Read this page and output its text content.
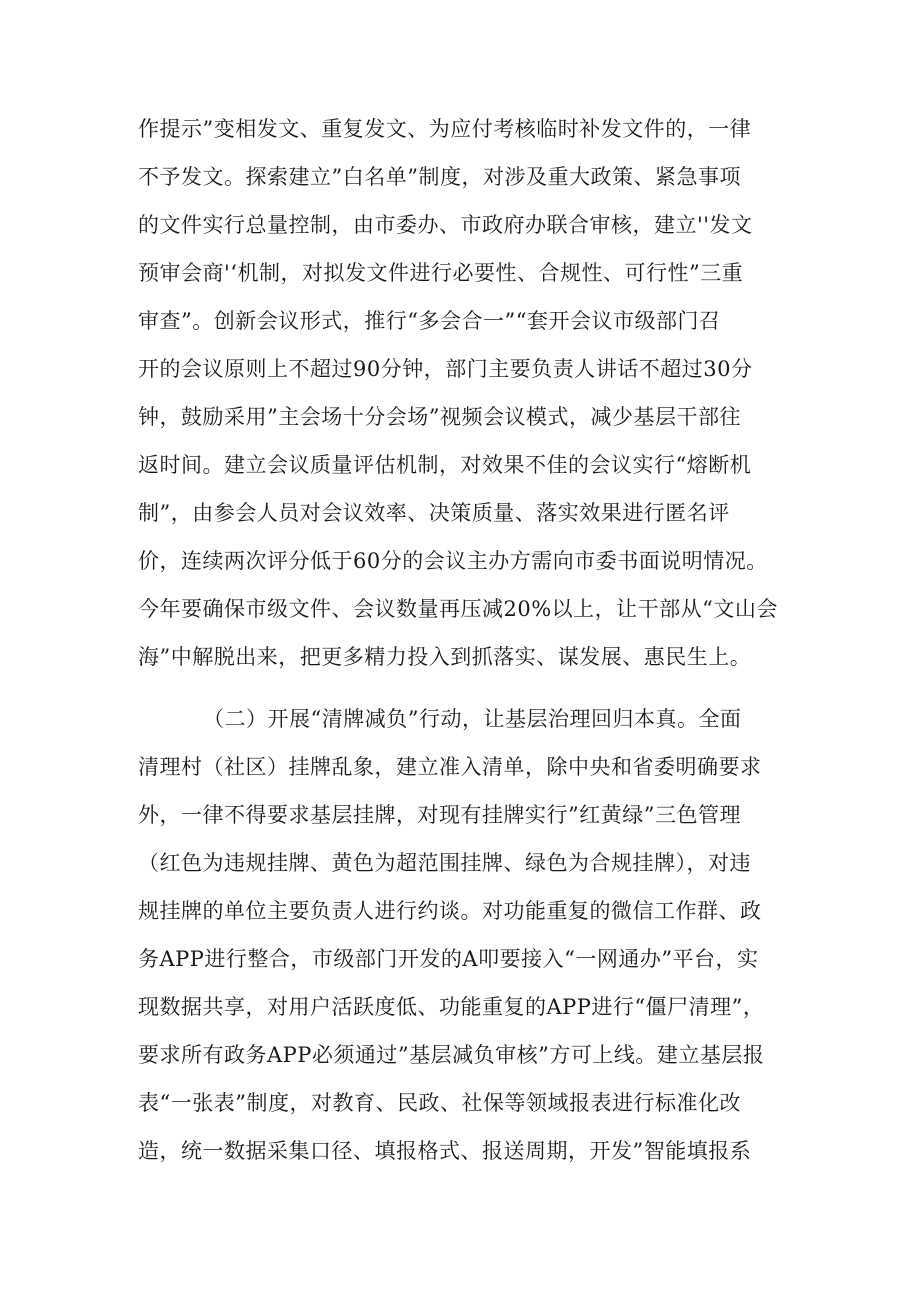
作提示”变相发文、重复发文、为应付考核临时补发文件的，一律
不予发文。探索建立”白名单”制度，对涉及重大政策、紧急事项
的文件实行总量控制，由市委办、市政府办联合审核，建立''发文
预审会商'‘机制，对拟发文件进行必要性、合规性、可行性”三重
审查”。创新会议形式，推行“多会合一”“套开会议市级部门召
开的会议原则上不超过90分钟，部门主要负责人讲话不超过30分
钟，鼓励采用”主会场十分会场”视频会议模式，减少基层干部往
返时间。建立会议质量评估机制，对效果不佳的会议实行“熔断机
制”，由参会人员对会议效率、决策质量、落实效果进行匿名评
价，连续两次评分低于60分的会议主办方需向市委书面说明情况。
今年要确保市级文件、会议数量再压减20%以上，让干部从“文山会
海”中解脱出来，把更多精力投入到抓落实、谋发展、惠民生上。
（二）开展“清牌减负”行动，让基层治理回归本真。全面
清理村（社区）挂牌乱象，建立准入清单，除中央和省委明确要求
外，一律不得要求基层挂牌，对现有挂牌实行”红黄绿”三色管理
（红色为违规挂牌、黄色为超范围挂牌、绿色为合规挂牌），对违
规挂牌的单位主要负责人进行约谈。对功能重复的微信工作群、政
务APP进行整合，市级部门开发的A叩要接入“一网通办”平台，实
现数据共享，对用户活跃度低、功能重复的APP进行“僵尸清理”，
要求所有政务APP必须通过”基层减负审核”方可上线。建立基层报
表“一张表”制度，对教育、民政、社保等领域报表进行标准化改
造，统一数据采集口径、填报格式、报送周期，开发”智能填报系
